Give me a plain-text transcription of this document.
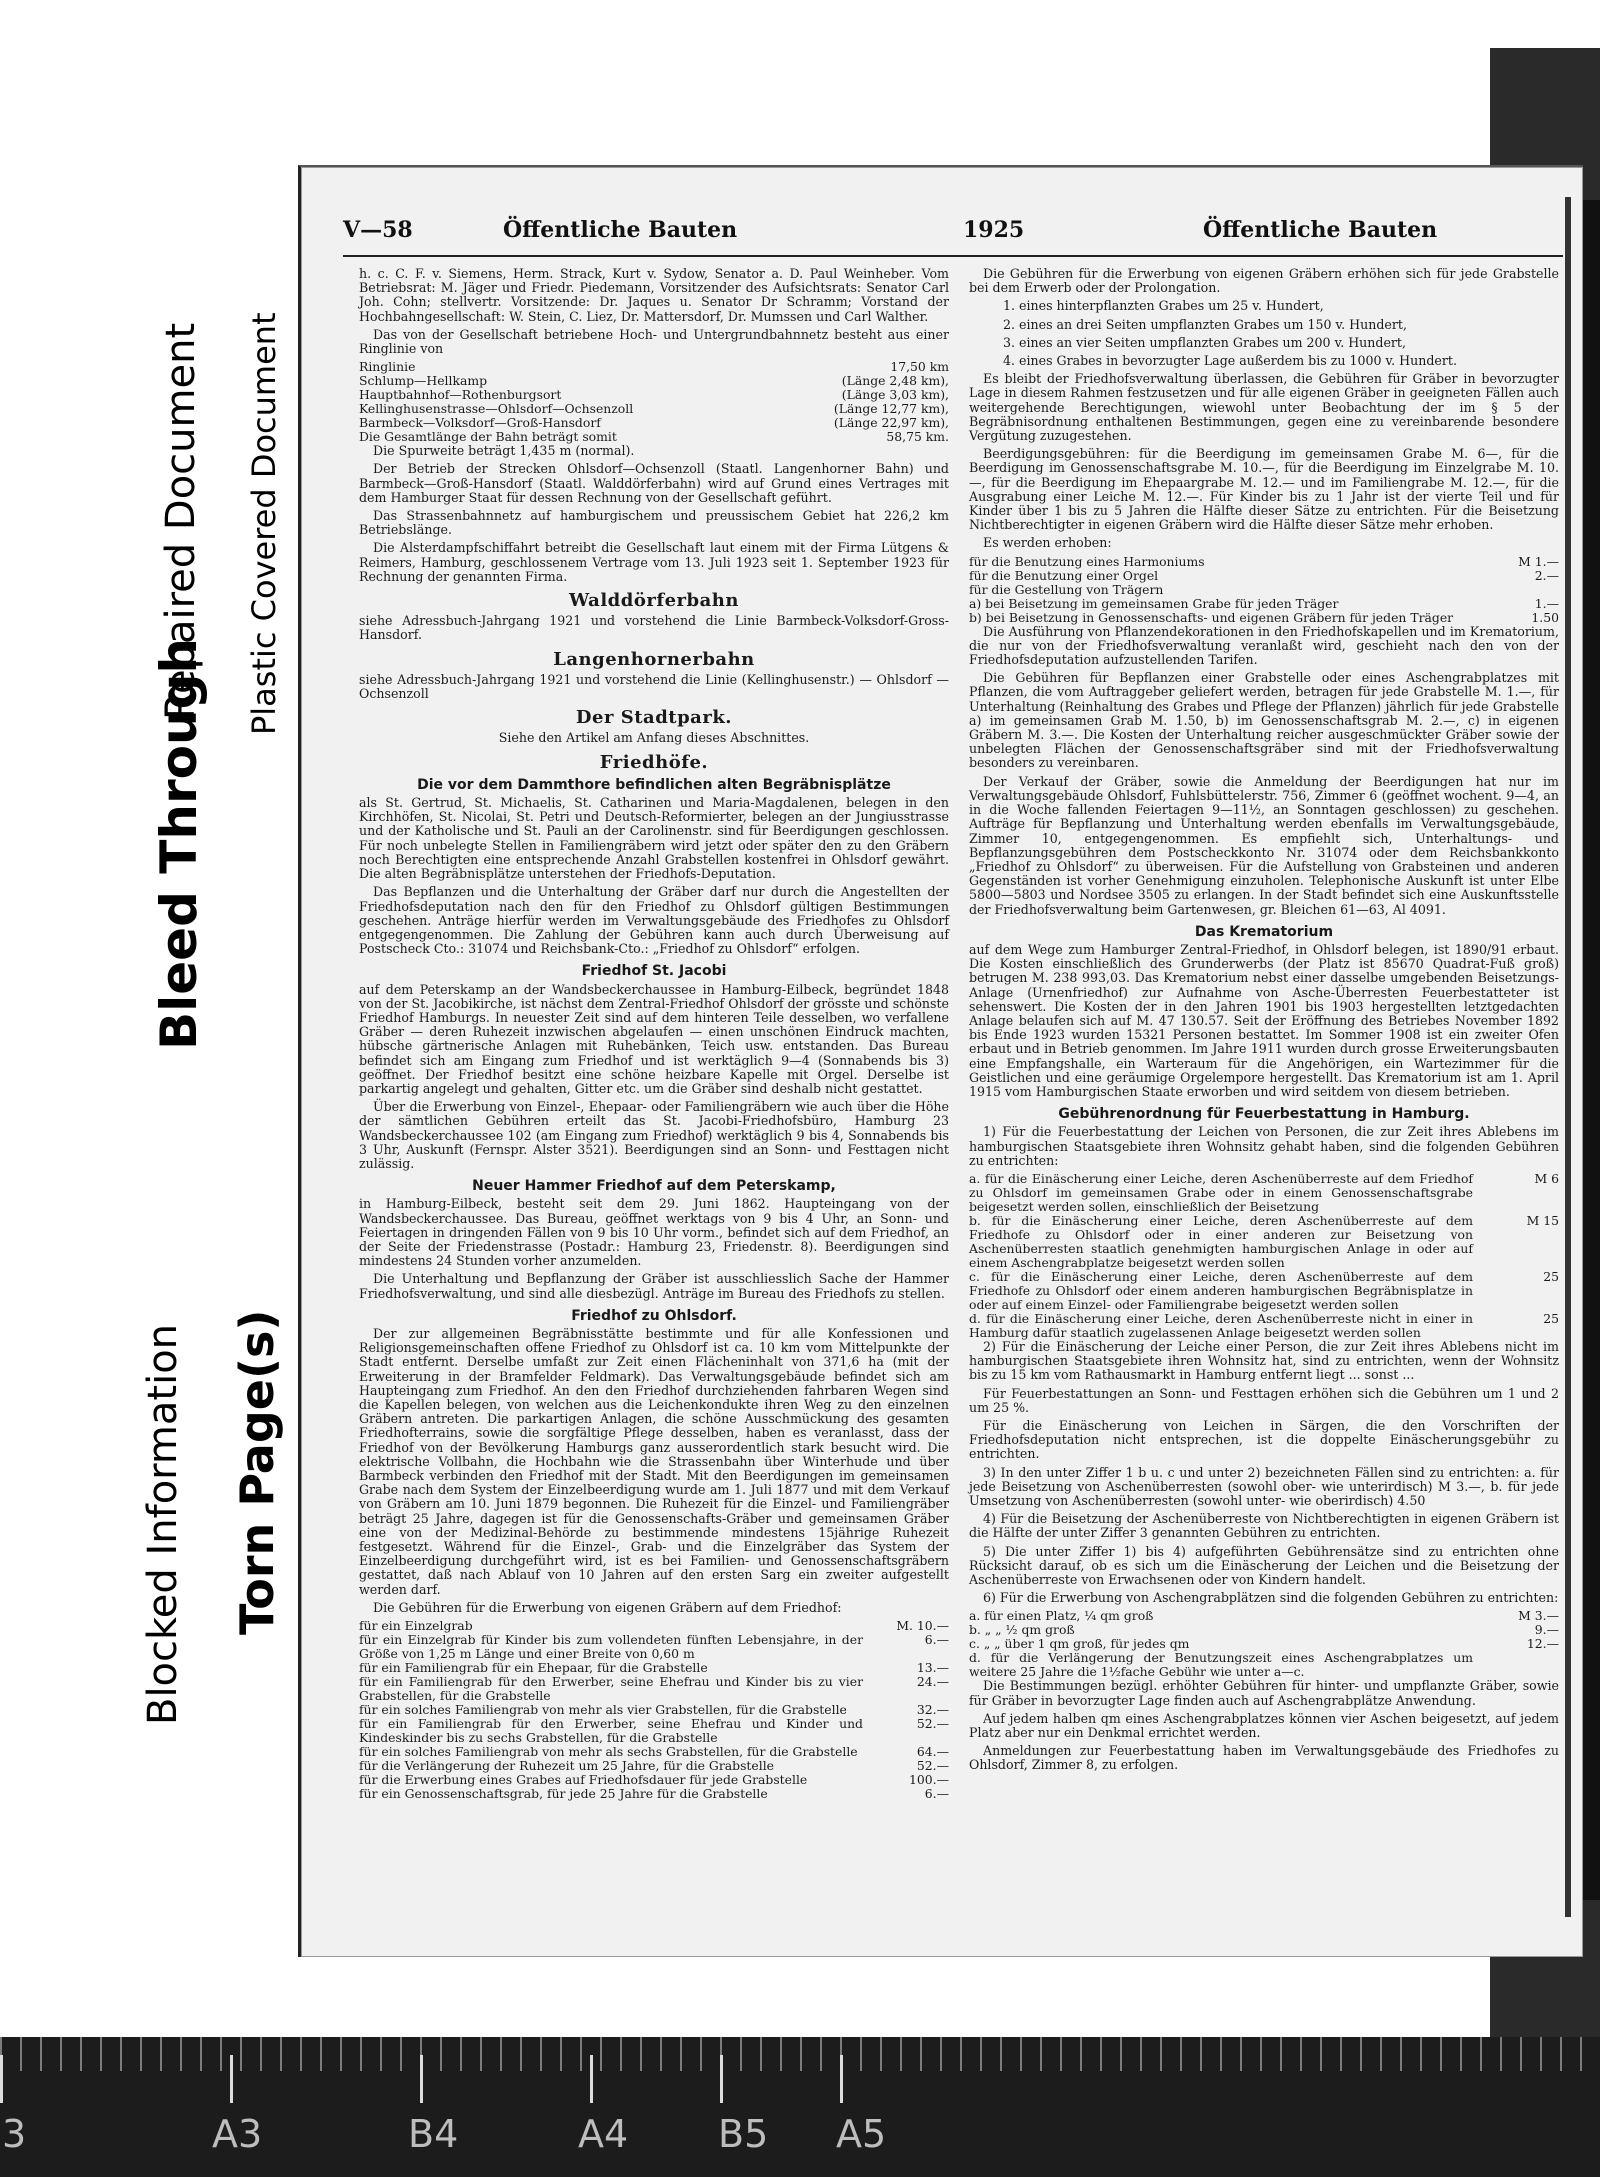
V—58	Öffentliche Bauten	1925	Öffentliche Bauten

h. c. C. F. v. Siemens, Herm. Strack, Kurt v. Sydow, Senator a. D. Paul Weinheber. Vom Betriebsrat: M. Jäger und Friedr. Piedemann, Vorsitzender des Aufsichtsrats: Senator Carl Joh. Cohn; stellvertr. Vorsitzende: Dr. Jaques u. Senator Dr Schramm; Vorstand der Hochbahngesellschaft: W. Stein, C. Liez, Dr. Mattersdorf, Dr. Mumssen und Carl Walther.

Das von der Gesellschaft betriebene Hoch- und Untergrundbahnnetz besteht aus einer Ringlinie von

Ringlinie	17,50 km
Schlump—Hellkamp	(Länge 2,48 km),
Hauptbahnhof—Rothenburgsort	(Länge 3,03 km),
Kellinghusenstrasse—Ohlsdorf—Ochsenzoll	(Länge 12,77 km),
Barmbeck—Volksdorf—Groß-Hansdorf	(Länge 22,97 km),
Die Gesamtlänge der Bahn beträgt somit	58,75 km.

Die Spurweite beträgt 1,435 m (normal).

Der Betrieb der Strecken Ohlsdorf—Ochsenzoll (Staatl. Langenhorner Bahn) und Barmbeck—Groß-Hansdorf (Staatl. Walddörferbahn) wird auf Grund eines Vertrages mit dem Hamburger Staat für dessen Rechnung von der Gesellschaft geführt.

Das Strassenbahnnetz auf hamburgischem und preussischem Gebiet hat 226,2 km Betriebslänge.

Die Alsterdampfschiffahrt betreibt die Gesellschaft laut einem mit der Firma Lütgens & Reimers, Hamburg, geschlossenem Vertrage vom 13. Juli 1923 seit 1. September 1923 für Rechnung der genannten Firma.

Walddörferbahn

siehe Adressbuch-Jahrgang 1921 und vorstehend die Linie Barmbeck-Volksdorf-Gross-Hansdorf.

Langenhornerbahn

siehe Adressbuch-Jahrgang 1921 und vorstehend die Linie (Kellinghusenstr.) — Ohlsdorf — Ochsenzoll

Der Stadtpark.

Siehe den Artikel am Anfang dieses Abschnittes.

Friedhöfe.
Die vor dem Dammthore befindlichen alten Begräbnisplätze

als St. Gertrud, St. Michaelis, St. Catharinen und Maria-Magdalenen, belegen in den Kirchhöfen, St. Nicolai, St. Petri und Deutsch-Reformierter, belegen an der Jungiusstrasse und der Katholische und St. Pauli an der Carolinenstr. sind für Beerdigungen geschlossen. Für noch unbelegte Stellen in Familiengräbern wird jetzt oder später den zu den Gräbern noch Berechtigten eine entsprechende Anzahl Grabstellen kostenfrei in Ohlsdorf gewährt. Die alten Begräbnisplätze unterstehen der Friedhofs-Deputation.

Das Bepflanzen und die Unterhaltung der Gräber darf nur durch die Angestellten der Friedhofsdeputation nach den für den Friedhof zu Ohlsdorf gültigen Bestimmungen geschehen. Anträge hierfür werden im Verwaltungsgebäude des Friedhofes zu Ohlsdorf entgegengenommen. Die Zahlung der Gebühren kann auch durch Überweisung auf Postscheck Cto.: 31074 und Reichsbank-Cto.: „Friedhof zu Ohlsdorf“ erfolgen.

Friedhof St. Jacobi

auf dem Peterskamp an der Wandsbeckerchaussee in Hamburg-Eilbeck, begründet 1848 von der St. Jacobikirche, ist nächst dem Zentral-Friedhof Ohlsdorf der grösste und schönste Friedhof Hamburgs. In neuester Zeit sind auf dem hinteren Teile desselben, wo verfallene Gräber — deren Ruhezeit inzwischen abgelaufen — einen unschönen Eindruck machten, hübsche gärtnerische Anlagen mit Ruhebänken, Teich usw. entstanden. Das Bureau befindet sich am Eingang zum Friedhof und ist werktäglich 9—4 (Sonnabends bis 3) geöffnet. Der Friedhof besitzt eine schöne heizbare Kapelle mit Orgel. Derselbe ist parkartig angelegt und gehalten, Gitter etc. um die Gräber sind deshalb nicht gestattet.

Über die Erwerbung von Einzel-, Ehepaar- oder Familiengräbern wie auch über die Höhe der sämtlichen Gebühren erteilt das St. Jacobi-Friedhofsbüro, Hamburg 23 Wandsbeckerchaussee 102 (am Eingang zum Friedhof) werktäglich 9 bis 4, Sonnabends bis 3 Uhr, Auskunft (Fernspr. Alster 3521). Beerdigungen sind an Sonn- und Festtagen nicht zulässig.

Neuer Hammer Friedhof auf dem Peterskamp,

in Hamburg-Eilbeck, besteht seit dem 29. Juni 1862. Haupteingang von der Wandsbeckerchaussee. Das Bureau, geöffnet werktags von 9 bis 4 Uhr, an Sonn- und Feiertagen in dringenden Fällen von 9 bis 10 Uhr vorm., befindet sich auf dem Friedhof, an der Seite der Friedenstrasse (Postadr.: Hamburg 23, Friedenstr. 8). Beerdigungen sind mindestens 24 Stunden vorher anzumelden.

Die Unterhaltung und Bepflanzung der Gräber ist ausschliesslich Sache der Hammer Friedhofsverwaltung, und sind alle diesbezügl. Anträge im Bureau des Friedhofs zu stellen.

Friedhof zu Ohlsdorf.

Der zur allgemeinen Begräbnisstätte bestimmte und für alle Konfessionen und Religionsgemeinschaften offene Friedhof zu Ohlsdorf ist ca. 10 km vom Mittelpunkte der Stadt entfernt. Derselbe umfaßt zur Zeit einen Flächeninhalt von 371,6 ha (mit der Erweiterung in der Bramfelder Feldmark). Das Verwaltungsgebäude befindet sich am Haupteingang zum Friedhof. An den den Friedhof durchziehenden fahrbaren Wegen sind die Kapellen belegen, von welchen aus die Leichenkondukte ihren Weg zu den einzelnen Gräbern antreten. Die parkartigen Anlagen, die schöne Ausschmückung des gesamten Friedhofterrains, sowie die sorgfältige Pflege desselben, haben es veranlasst, dass der Friedhof von der Bevölkerung Hamburgs ganz ausserordentlich stark besucht wird. Die elektrische Vollbahn, die Hochbahn wie die Strassenbahn über Winterhude und über Barmbeck verbinden den Friedhof mit der Stadt. Mit den Beerdigungen im gemeinsamen Grabe nach dem System der Einzelbeerdigung wurde am 1. Juli 1877 und mit dem Verkauf von Gräbern am 10. Juni 1879 begonnen. Die Ruhezeit für die Einzel- und Familiengräber beträgt 25 Jahre, dagegen ist für die Genossenschafts-Gräber und gemeinsamen Gräber eine von der Medizinal-Behörde zu bestimmende mindestens 15jährige Ruhezeit festgesetzt. Während für die Einzel-, Grab- und die Einzelgräber das System der Einzelbeerdigung durchgeführt wird, ist es bei Familien- und Genossenschaftsgräbern gestattet, daß nach Ablauf von 10 Jahren auf den ersten Sarg ein zweiter aufgestellt werden darf.

Die Gebühren für die Erwerbung von eigenen Gräbern auf dem Friedhof:

für ein Einzelgrab	M. 10.—
für ein Einzelgrab für Kinder bis zum vollendeten fünften Lebensjahre, in der Größe von 1,25 m Länge und einer Breite von 0,60 m	6.—
für ein Familiengrab für ein Ehepaar, für die Grabstelle	13.—
für ein Familiengrab für den Erwerber, seine Ehefrau und Kinder bis zu vier Grabstellen, für die Grabstelle	24.—
für ein solches Familiengrab von mehr als vier Grabstellen, für die Grabstelle	32.—
für ein Familiengrab für den Erwerber, seine Ehefrau und Kinder und Kindeskinder bis zu sechs Grabstellen, für die Grabstelle	52.—
für ein solches Familiengrab von mehr als sechs Grabstellen, für die Grabstelle	64.—
für die Verlängerung der Ruhezeit um 25 Jahre, für die Grabstelle	52.—
für die Erwerbung eines Grabes auf Friedhofsdauer für jede Grabstelle	100.—
für ein Genossenschaftsgrab, für jede 25 Jahre für die Grabstelle	6.—

Die Gebühren für die Erwerbung von eigenen Gräbern erhöhen sich für jede Grabstelle bei dem Erwerb oder der Prolongation.

1. eines hinterpflanzten Grabes um 25 v. Hundert,

2. eines an drei Seiten umpflanzten Grabes um 150 v. Hundert,

3. eines an vier Seiten umpflanzten Grabes um 200 v. Hundert,

4. eines Grabes in bevorzugter Lage außerdem bis zu 1000 v. Hundert.

Es bleibt der Friedhofsverwaltung überlassen, die Gebühren für Gräber in bevorzugter Lage in diesem Rahmen festzusetzen und für alle eigenen Gräber in geeigneten Fällen auch weitergehende Berechtigungen, wiewohl unter Beobachtung der im § 5 der Begräbnisordnung enthaltenen Bestimmungen, gegen eine zu vereinbarende besondere Vergütung zuzugestehen.

Beerdigungsgebühren: für die Beerdigung im gemeinsamen Grabe M. 6—, für die Beerdigung im Genossenschaftsgrabe M. 10.—, für die Beerdigung im Einzelgrabe M. 10.—, für die Beerdigung im Ehepaargrabe M. 12.— und im Familiengrabe M. 12.—, für die Ausgrabung einer Leiche M. 12.—. Für Kinder bis zu 1 Jahr ist der vierte Teil und für Kinder über 1 bis zu 5 Jahren die Hälfte dieser Sätze zu entrichten. Für die Beisetzung Nichtberechtigter in eigenen Gräbern wird die Hälfte dieser Sätze mehr erhoben.

Es werden erhoben:

für die Benutzung eines Harmoniums	M 1.—
für die Benutzung einer Orgel	2.—
für die Gestellung von Trägern	
a) bei Beisetzung im gemeinsamen Grabe für jeden Träger	1.—
b) bei Beisetzung in Genossenschafts- und eigenen Gräbern für jeden Träger	1.50

Die Ausführung von Pflanzendekorationen in den Friedhofskapellen und im Krematorium, die nur von der Friedhofsverwaltung veranlaßt wird, geschieht nach den von der Friedhofsdeputation aufzustellenden Tarifen.

Die Gebühren für Bepflanzen einer Grabstelle oder eines Aschengrabplatzes mit Pflanzen, die vom Auftraggeber geliefert werden, betragen für jede Grabstelle M. 1.—, für Unterhaltung (Reinhaltung des Grabes und Pflege der Pflanzen) jährlich für jede Grabstelle a) im gemeinsamen Grab M. 1.50, b) im Genossenschaftsgrab M. 2.—, c) in eigenen Gräbern M. 3.—. Die Kosten der Unterhaltung reicher ausgeschmückter Gräber sowie der unbelegten Flächen der Genossenschaftsgräber sind mit der Friedhofsverwaltung besonders zu vereinbaren.

Der Verkauf der Gräber, sowie die Anmeldung der Beerdigungen hat nur im Verwaltungsgebäude Ohlsdorf, Fuhlsbüttelerstr. 756, Zimmer 6 (geöffnet wochent. 9—4, an in die Woche fallenden Feiertagen 9—11½, an Sonntagen geschlossen) zu geschehen. Aufträge für Bepflanzung und Unterhaltung werden ebenfalls im Verwaltungsgebäude, Zimmer 10, entgegengenommen. Es empfiehlt sich, Unterhaltungs- und Bepflanzungsgebühren dem Postscheckkonto Nr. 31074 oder dem Reichsbankkonto „Friedhof zu Ohlsdorf“ zu überweisen. Für die Aufstellung von Grabsteinen und anderen Gegenständen ist vorher Genehmigung einzuholen. Telephonische Auskunft ist unter Elbe 5800—5803 und Nordsee 3505 zu erlangen. In der Stadt befindet sich eine Auskunftsstelle der Friedhofsverwaltung beim Gartenwesen, gr. Bleichen 61—63, Al 4091.

Das Krematorium

auf dem Wege zum Hamburger Zentral-Friedhof, in Ohlsdorf belegen, ist 1890/91 erbaut. Die Kosten einschließlich des Grunderwerbs (der Platz ist 85670 Quadrat-Fuß groß) betrugen M. 238 993,03. Das Krematorium nebst einer dasselbe umgebenden Beisetzungs-Anlage (Urnenfriedhof) zur Aufnahme von Asche-Überresten Feuerbestatteter ist sehenswert. Die Kosten der in den Jahren 1901 bis 1903 hergestellten letztgedachten Anlage belaufen sich auf M. 47 130.57. Seit der Eröffnung des Betriebes November 1892 bis Ende 1923 wurden 15321 Personen bestattet. Im Sommer 1908 ist ein zweiter Ofen erbaut und in Betrieb genommen. Im Jahre 1911 wurden durch grosse Erweiterungsbauten eine Empfangshalle, ein Warteraum für die Angehörigen, ein Wartezimmer für die Geistlichen und eine geräumige Orgelempore hergestellt. Das Krematorium ist am 1. April 1915 vom Hamburgischen Staate erworben und wird seitdem von diesem betrieben.

Gebührenordnung für Feuerbestattung in Hamburg.

1) Für die Feuerbestattung der Leichen von Personen, die zur Zeit ihres Ablebens im hamburgischen Staatsgebiete ihren Wohnsitz gehabt haben, sind die folgenden Gebühren zu entrichten:

a. für die Einäscherung einer Leiche, deren Aschenüberreste auf dem Friedhof zu Ohlsdorf im gemeinsamen Grabe oder in einem Genossenschaftsgrabe beigesetzt werden sollen, einschließlich der Beisetzung	M 6
b. für die Einäscherung einer Leiche, deren Aschenüberreste auf dem Friedhofe zu Ohlsdorf oder in einer anderen zur Beisetzung von Aschenüberresten staatlich genehmigten hamburgischen Anlage in oder auf einem Aschengrabplatze beigesetzt werden sollen	M 15
c. für die Einäscherung einer Leiche, deren Aschenüberreste auf dem Friedhofe zu Ohlsdorf oder einem anderen hamburgischen Begräbnisplatze in oder auf einem Einzel- oder Familiengrabe beigesetzt werden sollen	25
d. für die Einäscherung einer Leiche, deren Aschenüberreste nicht in einer in Hamburg dafür staatlich zugelassenen Anlage beigesetzt werden sollen	25

2) Für die Einäscherung der Leiche einer Person, die zur Zeit ihres Ablebens nicht im hamburgischen Staatsgebiete ihren Wohnsitz hat, sind zu entrichten, wenn der Wohnsitz bis zu 15 km vom Rathausmarkt in Hamburg entfernt liegt ... sonst ...

Für Feuerbestattungen an Sonn- und Festtagen erhöhen sich die Gebühren um 1 und 2 um 25 %.

Für die Einäscherung von Leichen in Särgen, die den Vorschriften der Friedhofsdeputation nicht entsprechen, ist die doppelte Einäscherungsgebühr zu entrichten.

3) In den unter Ziffer 1 b u. c und unter 2) bezeichneten Fällen sind zu entrichten: a. für jede Beisetzung von Aschenüberresten (sowohl ober- wie unterirdisch) M 3.—, b. für jede Umsetzung von Aschenüberresten (sowohl unter- wie oberirdisch) 4.50

4) Für die Beisetzung der Aschenüberreste von Nichtberechtigten in eigenen Gräbern ist die Hälfte der unter Ziffer 3 genannten Gebühren zu entrichten.

5) Die unter Ziffer 1) bis 4) aufgeführten Gebührensätze sind zu entrichten ohne Rücksicht darauf, ob es sich um die Einäscherung der Leichen und die Beisetzung der Aschenüberreste von Erwachsenen oder von Kindern handelt.

6) Für die Erwerbung von Aschengrabplätzen sind die folgenden Gebühren zu entrichten:

a. für einen Platz, ¼ qm groß	M 3.—
b. „ „ ½ qm groß	9.—
c. „ „ über 1 qm groß, für jedes qm	12.—
d. für die Verlängerung der Benutzungszeit eines Aschengrabplatzes um weitere 25 Jahre die 1½fache Gebühr wie unter a—c.	

Die Bestimmungen bezügl. erhöhter Gebühren für hinter- und umpflanzte Gräber, sowie für Gräber in bevorzugter Lage finden auch auf Aschengrabplätze Anwendung.

Auf jedem halben qm eines Aschengrabplatzes können vier Aschen beigesetzt, auf jedem Platz aber nur ein Denkmal errichtet werden.

Anmeldungen zur Feuerbestattung haben im Verwaltungsgebäude des Friedhofes zu Ohlsdorf, Zimmer 8, zu erfolgen.

Bleed Through
Repaired Document Plastic Covered Document
Blocked Information Torn Page(s)
3	A3	B4	A4 B5 A5
